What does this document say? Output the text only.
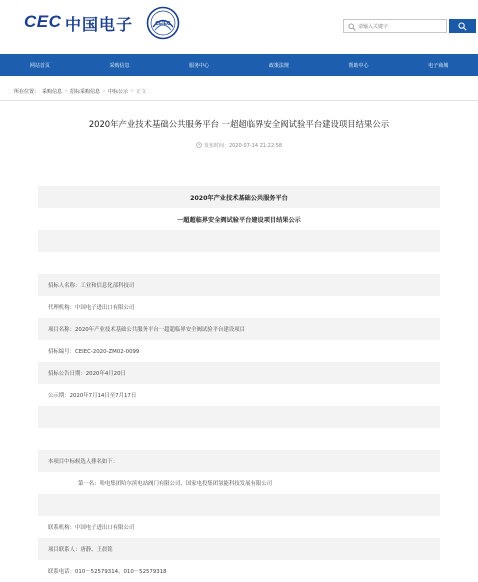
CEC 中国电子	CEIEC
请输入关键字
网站首页	采购信息	服务中心	政策法规	帮助中心	电子商城
所在位置： 采购信息 › 招标采购信息 › 中标公示 › 正文
2020年产业技术基础公共服务平台 一超超临界安全阀试验平台建设项目结果公示
发布时间：2020-07-14 21:22:58
2020年产业技术基础公共服务平台
一超超临界安全阀试验平台建设项目结果公示
招标人名称：工业和信息化部科技司
代理机构：中国电子进出口有限公司
项目名称：2020年产业技术基础公共服务平台一超超临界安全阀试验平台建设项目
招标编号：CEIEC-2020-ZM02-0099
招标公告日期：2020年4月20日
公示期：2020年7月14日至7月17日
本项目中标候选人排名如下：
第一名：哈电集团哈尔滨电站阀门有限公司、国家电投集团氢能科技发展有限公司
联系机构：中国电子进出口有限公司
项目联系人：唐静、王晨铭
联系电话：010－52579314、010－52579318
